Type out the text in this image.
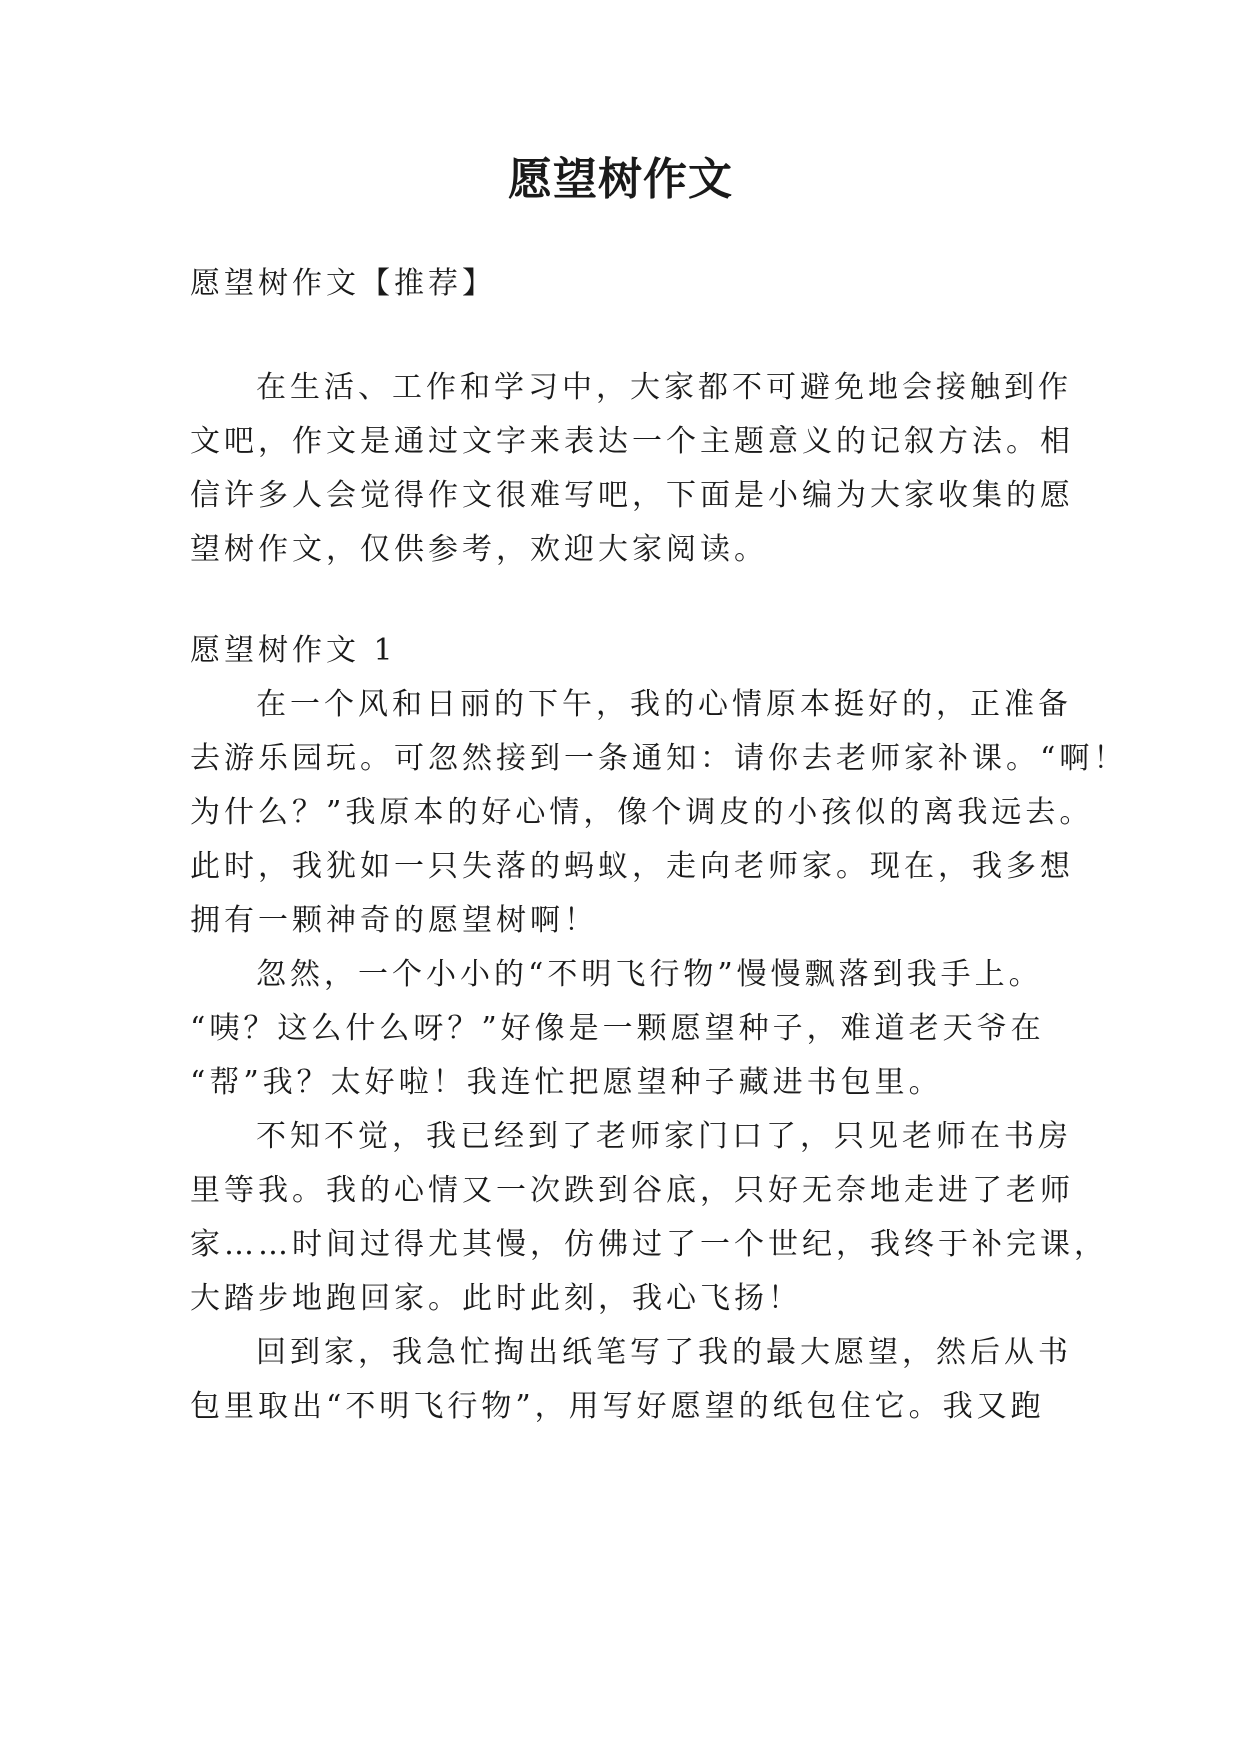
愿望树作文
愿望树作文【推荐】
在生活、工作和学习中，大家都不可避免地会接触到作
文吧，作文是通过文字来表达一个主题意义的记叙方法。相
信许多人会觉得作文很难写吧，下面是小编为大家收集的愿
望树作文，仅供参考，欢迎大家阅读。
愿望树作文 1
在一个风和日丽的下午，我的心情原本挺好的，正准备
去游乐园玩。可忽然接到一条通知：请你去老师家补课。“啊！
为什么？”我原本的好心情，像个调皮的小孩似的离我远去。
此时，我犹如一只失落的蚂蚁，走向老师家。现在，我多想
拥有一颗神奇的愿望树啊！
忽然，一个小小的“不明飞行物”慢慢飘落到我手上。
“咦？这么什么呀？”好像是一颗愿望种子，难道老天爷在
“帮”我？太好啦！我连忙把愿望种子藏进书包里。
不知不觉，我已经到了老师家门口了，只见老师在书房
里等我。我的心情又一次跌到谷底，只好无奈地走进了老师
家……时间过得尤其慢，仿佛过了一个世纪，我终于补完课，
大踏步地跑回家。此时此刻，我心飞扬！
回到家，我急忙掏出纸笔写了我的最大愿望，然后从书
包里取出“不明飞行物”，用写好愿望的纸包住它。我又跑
